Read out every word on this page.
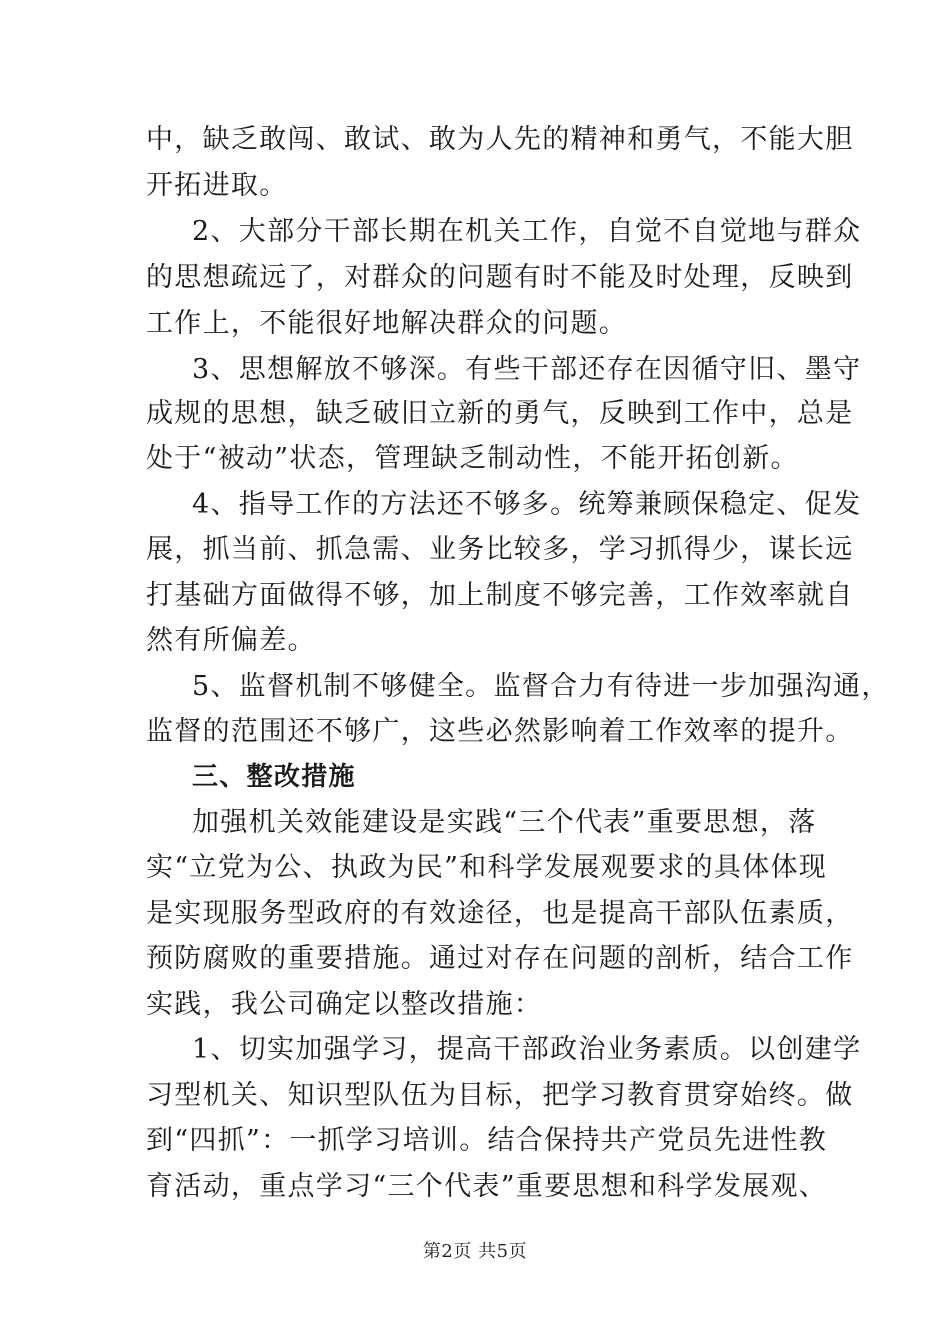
中，缺乏敢闯、敢试、敢为人先的精神和勇气，不能大胆
开拓进取。
2、大部分干部长期在机关工作，自觉不自觉地与群众
的思想疏远了，对群众的问题有时不能及时处理，反映到
工作上，不能很好地解决群众的问题。
3、思想解放不够深。有些干部还存在因循守旧、墨守
成规的思想，缺乏破旧立新的勇气，反映到工作中，总是
处于“被动”状态，管理缺乏制动性，不能开拓创新。
4、指导工作的方法还不够多。统筹兼顾保稳定、促发
展，抓当前、抓急需、业务比较多，学习抓得少，谋长远
打基础方面做得不够，加上制度不够完善，工作效率就自
然有所偏差。
5、监督机制不够健全。监督合力有待进一步加强沟通，
监督的范围还不够广，这些必然影响着工作效率的提升。
三、整改措施
加强机关效能建设是实践“三个代表”重要思想，落
实“立党为公、执政为民”和科学发展观要求的具体体现
是实现服务型政府的有效途径，也是提高干部队伍素质，
预防腐败的重要措施。通过对存在问题的剖析，结合工作
实践，我公司确定以整改措施：
1、切实加强学习，提高干部政治业务素质。以创建学
习型机关、知识型队伍为目标，把学习教育贯穿始终。做
到“四抓”：一抓学习培训。结合保持共产党员先进性教
育活动，重点学习“三个代表”重要思想和科学发展观、
第2页 共5页
